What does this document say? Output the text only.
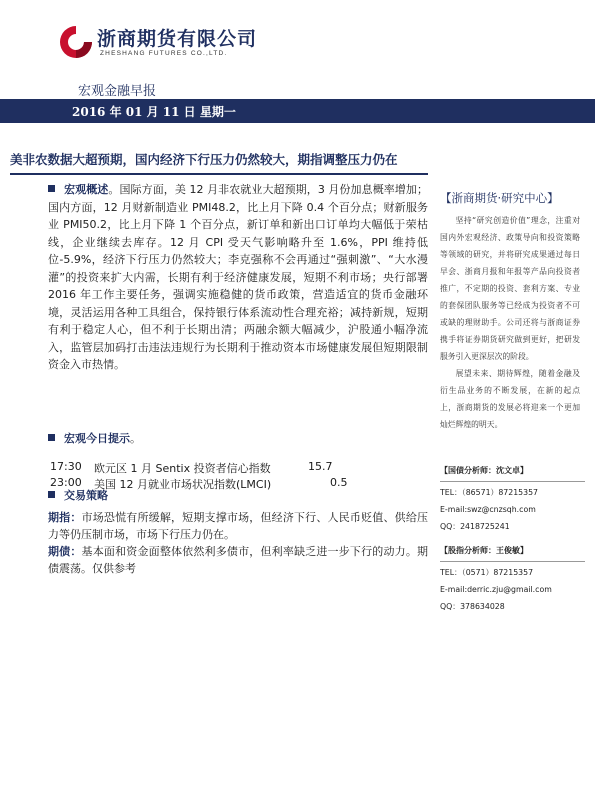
浙商期货有限公司
ZHESHANG FUTURES CO.,LTD.
宏观金融早报
2016 年 01 月 11 日 星期一
美非农数据大超预期，国内经济下行压力仍然较大，期指调整压力仍在
宏观概述。国际方面，美 12 月非农就业大超预期，3 月份加息概率增加；国内方面，12 月财新制造业 PMI48.2，比上月下降 0.4 个百分点；财新服务业 PMI50.2，比上月下降 1 个百分点，新订单和新出口订单均大幅低于荣枯线，企业继续去库存。12 月 CPI 受天气影响略升至 1.6%，PPI 维持低位-5.9%，经济下行压力仍然较大；李克强称不会再通过“强刺激”、“大水漫灌”的投资来扩大内需，长期有利于经济健康发展，短期不利市场；央行部署 2016 年工作主要任务，强调实施稳健的货币政策，营造适宜的货币金融环境，灵活运用各种工具组合，保持银行体系流动性合理充裕；减持新规，短期有利于稳定人心，但不利于长期出清；两融余额大幅减少，沪股通小幅净流入，监管层加码打击违法违规行为长期利于推动资本市场健康发展但短期限制资金入市热情。
宏观今日提示。
17:30 欧元区 1 月 Sentix 投资者信心指数	15.7
23:00 美国 12 月就业市场状况指数(LMCI)	0.5
交易策略

期指：市场恐慌有所缓解，短期支撑市场，但经济下行、人民币贬值、供给压力等仍压制市场，市场下行压力仍在。

期债：基本面和资金面整体依然利多债市，但利率缺乏进一步下行的动力。期债震荡。仅供参考

【浙商期货·研究中心】

坚持“研究创造价值”理念，注重对国内外宏观经济、政策导向和投资策略等领域的研究，并将研究成果通过每日早会、浙商月报和年报等产品向投资者推广，不定期的投资、套利方案、专业的套保团队服务等已经成为投资者不可或缺的理财助手。公司还将与浙商证券携手将证券期货研究做到更好，把研发服务引入更深层次的阶段。

展望未来、期待辉煌，随着金融及衍生品业务的不断发展，在新的起点上，浙商期货的发展必将迎来一个更加灿烂辉煌的明天。

【国债分析师：沈文卓】
TEL：（86571）87215357
E-mail:swz@cnzsqh.com
QQ：2418725241
【股指分析师：王俊敏】
TEL：（0571）87215357
E-mail:derric.zju@gmail.com
QQ：378634028
